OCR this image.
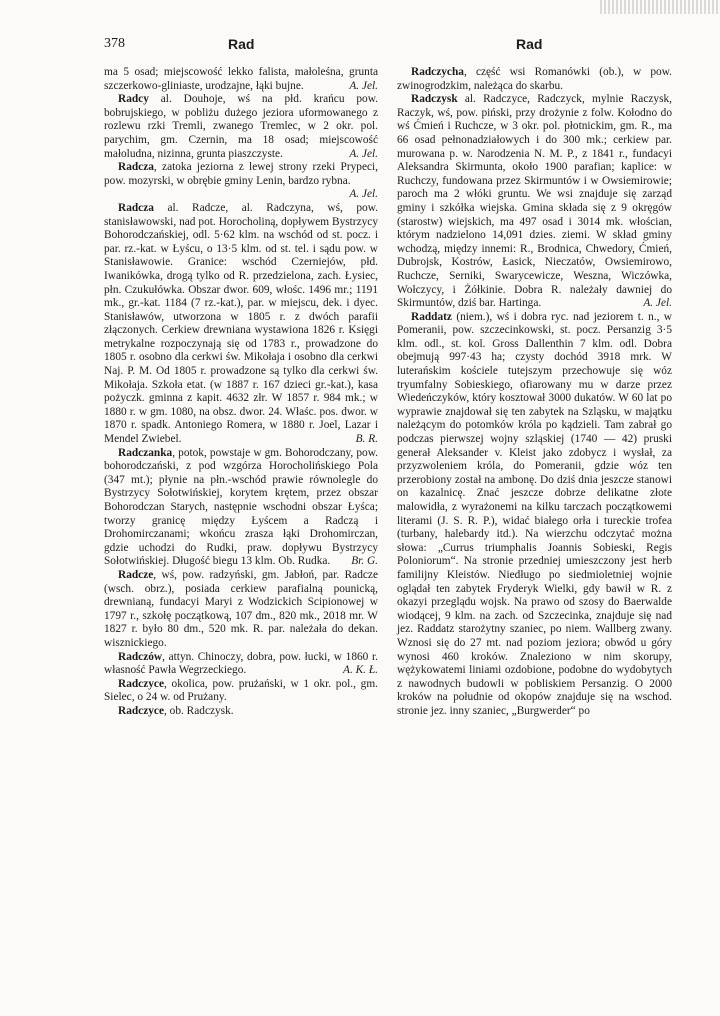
378	Rad	Rad

ma 5 osad; miejscowość lekko falista, małoleśna, grunta szczerkowo-gliniaste, urodzajne, łąki bujne.	A. Jel.

Radcy al. Douhoje, wś na płd. krańcu pow. bobrujskiego, w pobliżu dużego jeziora uformowanego z rozlewu rzki Tremli, zwanego Tremlec, w 2 okr. pol. parychim, gm. Czernin, ma 18 osad; miejscowość małoludna, nizinna, grunta piaszczyste.	A. Jel.

Radcza, zatoka jeziorna z lewej strony rzeki Prypeci, pow. mozyrski, w obrębie gminy Lenin, bardzo rybna.
A. Jel.

Radcza al. Radcze, al. Radczyna, wś, pow. stanisławowski, nad pot. Horocholiną, dopływem Bystrzycy Bohorodczańskiej, odl. 5·62 klm. na wschód od st. pocz. i par. rz.-kat. w Łyścu, o 13·5 klm. od st. tel. i sądu pow. w Stanisławowie. Granice: wschód Czerniejów, płd. Iwanikówka, drogą tylko od R. przedzielona, zach. Łysiec, płn. Czukułówka. Obszar dwor. 609, włośc. 1496 mr.; 1191 mk., gr.-kat. 1184 (7 rz.-kat.), par. w miejscu, dek. i dyec. Stanisławów, utworzona w 1805 r. z dwóch parafii złączonych. Cerkiew drewniana wystawiona 1826 r. Księgi metrykalne rozpoczynają się od 1783 r., prowadzone do 1805 r. osobno dla cerkwi św. Mikołaja i osobno dla cerkwi Naj. P. M. Od 1805 r. prowadzone są tylko dla cerkwi św. Mikołaja. Szkoła etat. (w 1887 r. 167 dzieci gr.-kat.), kasa pożyczk. gminna z kapit. 4632 złr. W 1857 r. 984 mk.; w 1880 r. w gm. 1080, na obsz. dwor. 24. Właśc. pos. dwor. w 1870 r. spadk. Antoniego Romera, w 1880 r. Joel, Lazar i Mendel Zwiebel.	B. R.

Radczanka, potok, powstaje w gm. Bohorodczany, pow. bohorodczański, z pod wzgórza Horocholińskiego Pola (347 mt.); płynie na płn.-wschód prawie równolegle do Bystrzycy Sołotwińskiej, korytem krętem, przez obszar Bohorodczan Starych, następnie wschodni obszar Łyśca; tworzy granicę między Łyścem a Radczą i Drohomirczanami; wkońcu zrasza łąki Drohomirczan, gdzie uchodzi do Rudki, praw. dopływu Bystrzycy Sołotwińskiej. Długość biegu 13 klm. Ob. Rudka.	Br. G.

Radcze, wś, pow. radzyński, gm. Jabłoń, par. Radcze (wsch. obrz.), posiada cerkiew parafialną pounicką, drewnianą, fundacyi Maryi z Wodzickich Scipionowej w 1797 r., szkołę początkową, 107 dm., 820 mk., 2018 mr. W 1827 r. było 80 dm., 520 mk. R. par. należała do dekan. wisznickiego.

Radczów, attyn. Chinoczy, dobra, pow. łucki, w 1860 r. własność Pawła Wegrzeckiego.	A. K. Ł.

Radczyce, okolica, pow. prużański, w 1 okr. pol., gm. Sielec, o 24 w. od Prużany.

Radczyce, ob. Radczysk.

Radczycha, część wsi Romanówki (ob.), w pow. zwinogrodzkim, należąca do skarbu.

Radczysk al. Radczyce, Radczyck, mylnie Raczysk, Raczyk, wś, pow. piński, przy drożynie z folw. Kołodno do wś Ćmień i Ruchcze, w 3 okr. pol. płotnickim, gm. R., ma 66 osad pełnonadziałowych i do 300 mk.; cerkiew par. murowana p. w. Narodzenia N. M. P., z 1841 r., fundacyi Aleksandra Skirmunta, około 1900 parafian; kaplice: w Ruchczy, fundowana przez Skirmuntów i w Owsiemirowie; paroch ma 2 włóki gruntu. We wsi znajduje się zarząd gminy i szkółka wiejska. Gmina składa się z 9 okręgów (starostw) wiejskich, ma 497 osad i 3014 mk. włościan, którym nadzielono 14,091 dzies. ziemi. W skład gminy wchodzą, między innemi: R., Brodnica, Chwedory, Ćmień, Dubrojsk, Kostrów, Łasick, Nieczatów, Owsiemirowo, Ruchcze, Serniki, Swarycewicze, Weszna, Wiczówka, Wołczycy, i Żółkinie. Dobra R. należały dawniej do Skirmuntów, dziś bar. Hartinga.	A. Jel.

Raddatz (niem.), wś i dobra ryc. nad jeziorem t. n., w Pomeranii, pow. szczecinkowski, st. pocz. Persanzig 3·5 klm. odl., st. kol. Gross Dallenthin 7 klm. odl. Dobra obejmują 997·43 ha; czysty dochód 3918 mrk. W luterańskim kościele tutejszym przechowuje się wóz tryumfalny Sobieskiego, ofiarowany mu w darze przez Wiedeńczyków, który kosztował 3000 dukatów. W 60 lat po wyprawie znajdował się ten zabytek na Szląsku, w majątku należącym do potomków króla po kądzieli. Tam zabrał go podczas pierwszej wojny szląskiej (1740 — 42) pruski generał Aleksander v. Kleist jako zdobycz i wysłał, za przyzwoleniem króla, do Pomeranii, gdzie wóz ten przerobiony został na ambonę. Do dziś dnia jeszcze stanowi on kazalnicę. Znać jeszcze dobrze delikatne złote malowidła, z wyrażonemi na kilku tarczach początkowemi literami (J. S. R. P.), widać białego orła i tureckie trofea (turbany, halebardy itd.). Na wierzchu odczytać można słowa: „Currus triumphalis Joannis Sobieski, Regis Poloniorum“. Na stronie przedniej umieszczony jest herb familijny Kleistów. Niedługo po siedmioletniej wojnie oglądał ten zabytek Fryderyk Wielki, gdy bawił w R. z okazyi przeglądu wojsk. Na prawo od szosy do Baerwalde wiodącej, 9 klm. na zach. od Szczecinka, znajduje się nad jez. Raddatz starożytny szaniec, po niem. Wallberg zwany. Wznosi się do 27 mt. nad poziom jeziora; obwód u góry wynosi 460 kroków. Znaleziono w nim skorupy, wężykowatemi liniami ozdobione, podobne do wydobytych z nawodnych budowli w pobliskiem Persanzig. O 2000 kroków na południe od okopów znajduje się na wschod. stronie jez. inny szaniec, „Burgwerder“ po
